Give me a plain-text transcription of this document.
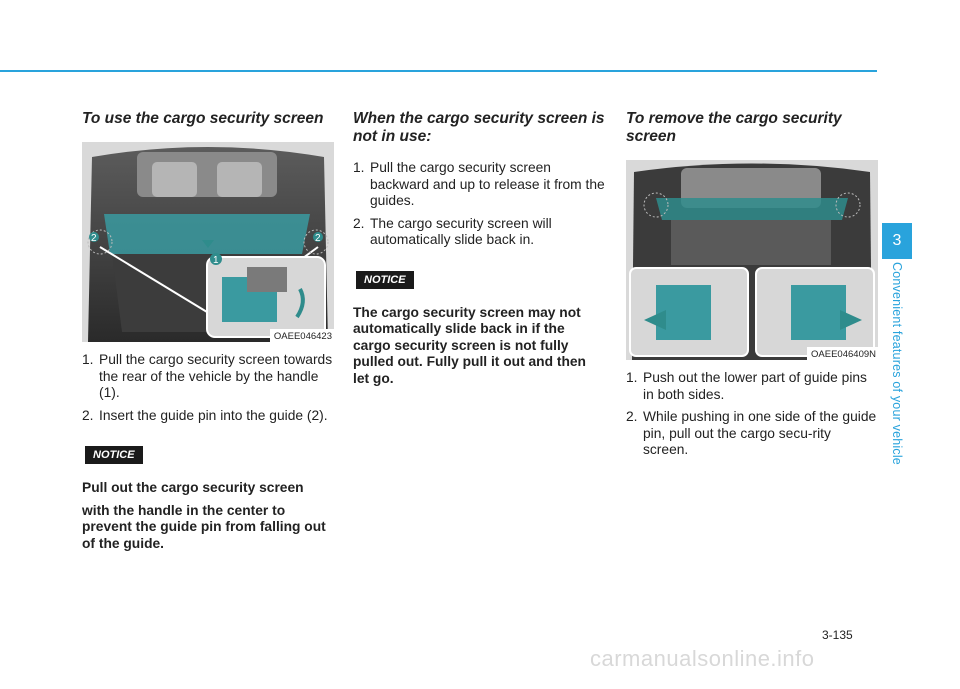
To use the cargo security screen
2	2
1
OAEE046423
1. Pull the cargo security screen towards the rear of the vehicle by the handle (1).
2. Insert the guide pin into the guide (2).
NOTICE

Pull out the cargo security screen

with the handle in the center to prevent the guide pin from falling out of the guide.

When the cargo security screen is not in use:
1. Pull the cargo security screen backward and up to release it from the guides.
2. The cargo security screen will automatically slide back in.
NOTICE

The cargo security screen may not automatically slide back in if the cargo security screen is not fully pulled out. Fully pull it out and then let go.

To remove the cargo security screen
OAEE046409N
1. Push out the lower part of guide pins in both sides.
2. While pushing in one side of the guide pin, pull out the cargo secu-rity screen.
3
Convenient features of your vehicle
3-135
carmanualsonline.info
